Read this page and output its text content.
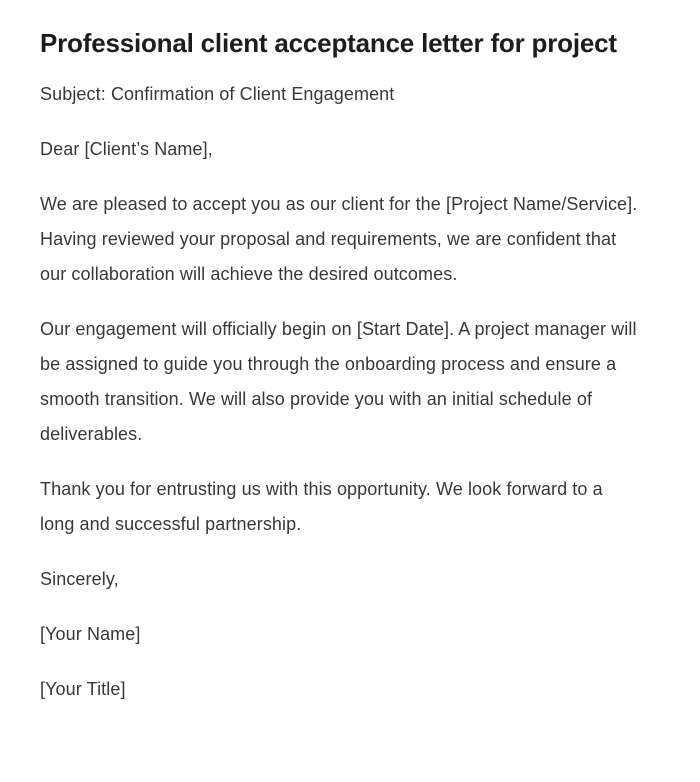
Professional client acceptance letter for project

Subject: Confirmation of Client Engagement

Dear [Client’s Name],

We are pleased to accept you as our client for the [Project Name/Service]. Having reviewed your proposal and requirements, we are confident that our collaboration will achieve the desired outcomes.

Our engagement will officially begin on [Start Date]. A project manager will be assigned to guide you through the onboarding process and ensure a smooth transition. We will also provide you with an initial schedule of deliverables.

Thank you for entrusting us with this opportunity. We look forward to a long and successful partnership.

Sincerely,

[Your Name]

[Your Title]
